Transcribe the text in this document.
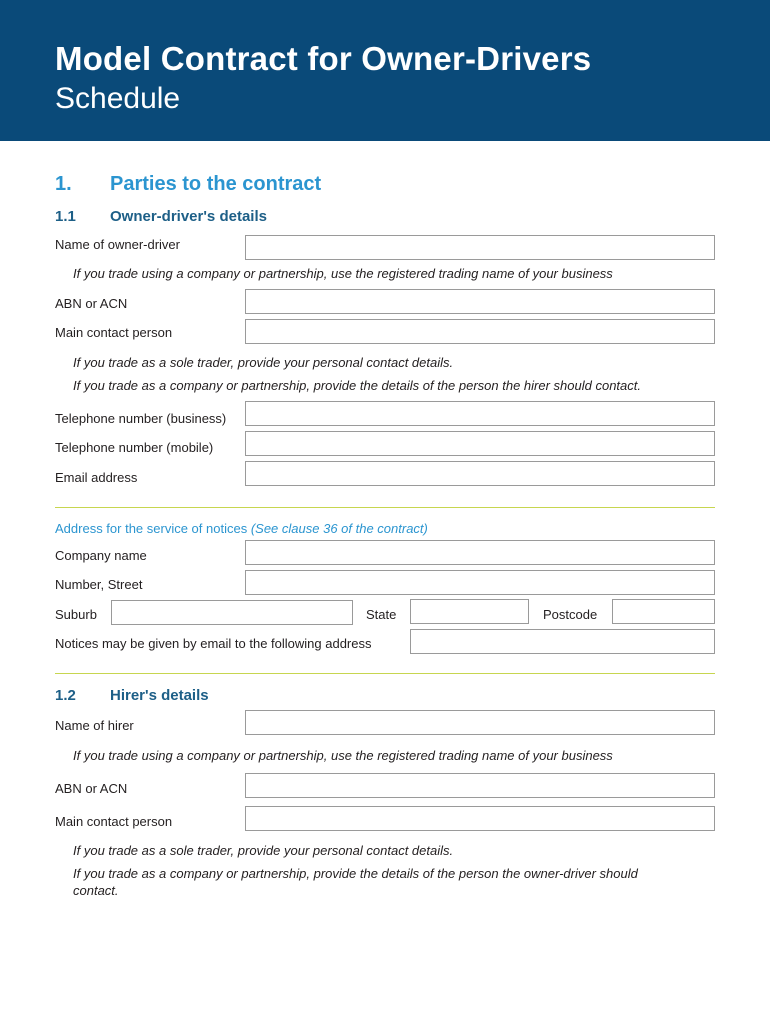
Model Contract for Owner-Drivers
Schedule
1. Parties to the contract
1.1 Owner-driver's details
Name of owner-driver
If you trade using a company or partnership, use the registered trading name of your business
ABN or ACN
Main contact person
If you trade as a sole trader, provide your personal contact details.
If you trade as a company or partnership, provide the details of the person the hirer should contact.
Telephone number (business)
Telephone number (mobile)
Email address
Address for the service of notices (See clause 36 of the contract)
Company name
Number, Street
Suburb	State	Postcode
Notices may be given by email to the following address
1.2 Hirer's details
Name of hirer
If you trade using a company or partnership, use the registered trading name of your business
ABN or ACN
Main contact person
If you trade as a sole trader, provide your personal contact details.
If you trade as a company or partnership, provide the details of the person the owner-driver should
contact.
